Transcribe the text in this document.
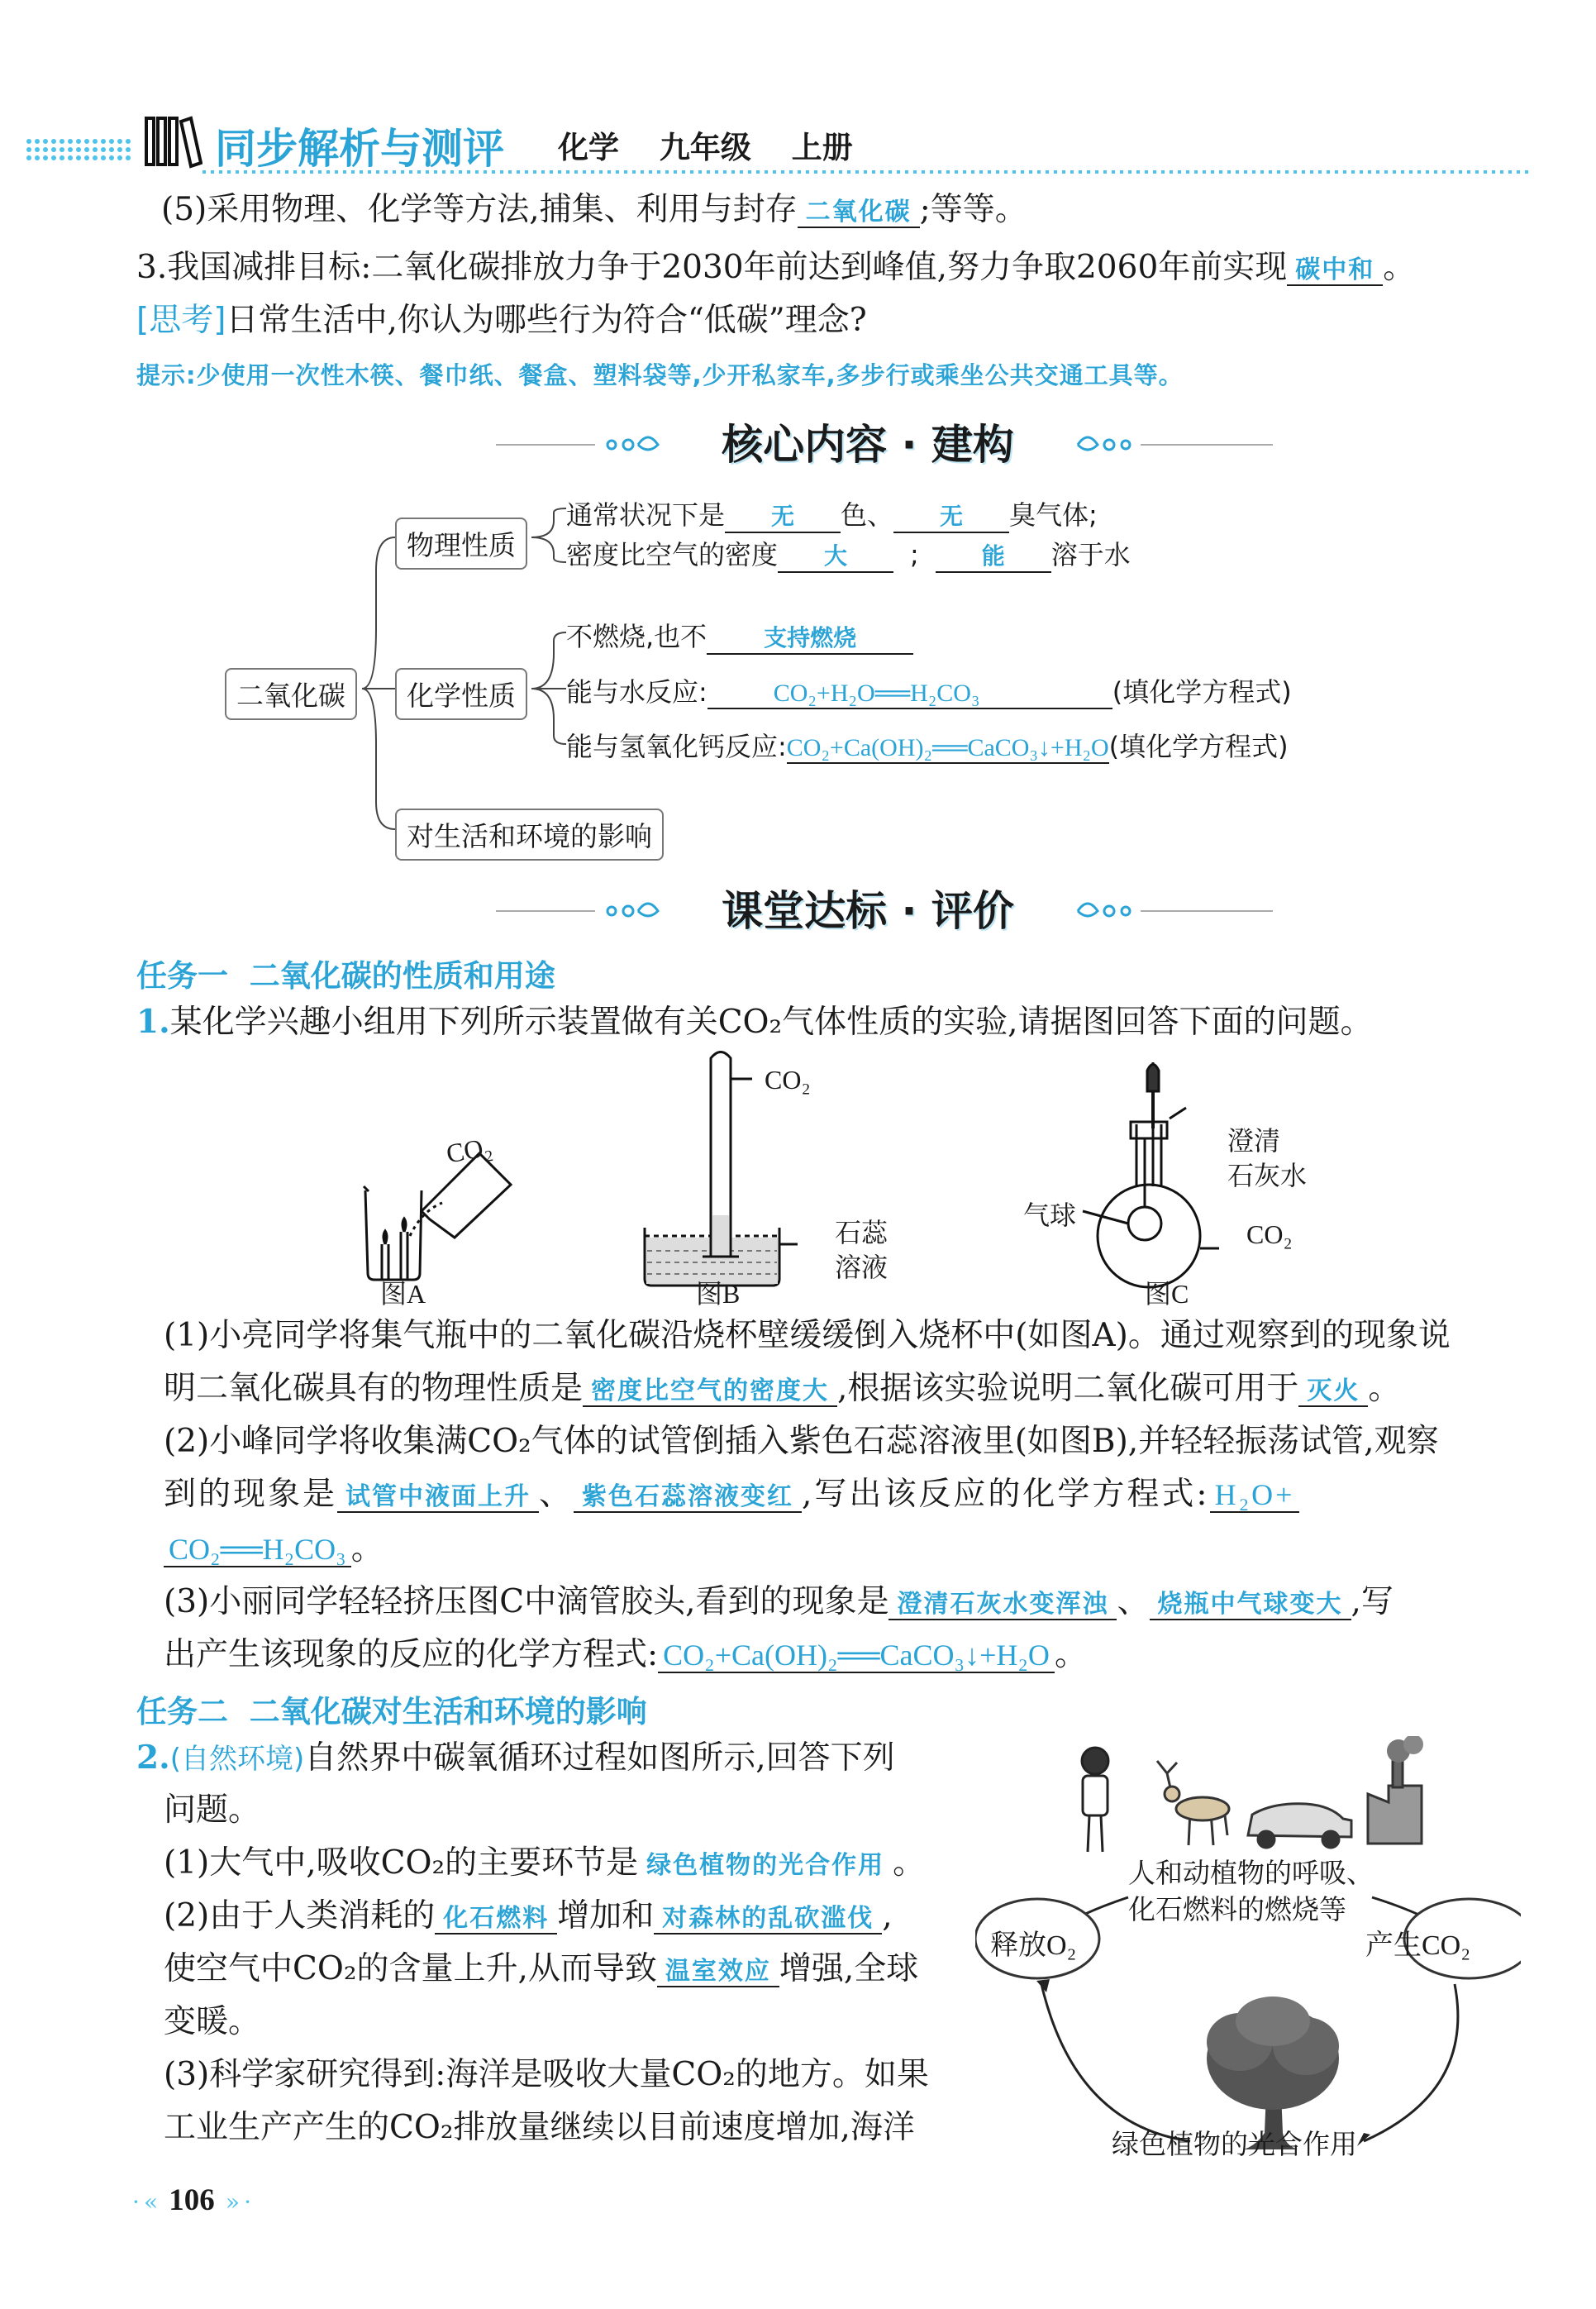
同步解析与测评 化学 九年级 上册
(5)采用物理、化学等方法,捕集、利用与封存 二氧化碳 ;等等。
3.我国减排目标:二氧化碳排放力争于2030年前达到峰值,努力争取2060年前实现 碳中和 。
[思考]日常生活中,你认为哪些行为符合“低碳”理念?
提示:少使用一次性木筷、餐巾纸、餐盒、塑料袋等,少开私家车,多步行或乘坐公共交通工具等。
核心内容 · 建构
二氧化碳
物理性质
化学性质
对生活和环境的影响
通常状况下是 无 色、 无 臭气体;
密度比空气的密度 大 ;	能 溶于水
不燃烧,也不 支持燃烧
能与水反应:	CO₂+H₂O══H₂CO₃	(填化学方程式)
能与氢氧化钙反应:CO₂+Ca(OH)₂══CaCO₃↓+H₂O(填化学方程式)
课堂达标 · 评价
任务一  二氧化碳的性质和用途
1.某化学兴趣小组用下列所示装置做有关CO₂气体性质的实验,请据图回答下面的问题。
CO₂
图A
CO₂
石蕊
溶液
图B
澄清
石灰水
气球
CO₂
图C
(1)小亮同学将集气瓶中的二氧化碳沿烧杯壁缓缓倒入烧杯中(如图A)。通过观察到的现象说
明二氧化碳具有的物理性质是 密度比空气的密度大 ,根据该实验说明二氧化碳可用于 灭火 。
(2)小峰同学将收集满CO₂气体的试管倒插入紫色石蕊溶液里(如图B),并轻轻振荡试管,观察
到的现象是 试管中液面上升 、 紫色石蕊溶液变红 ,写出该反应的化学方程式: H₂O+
CO₂══H₂CO₃ 。
(3)小丽同学轻轻挤压图C中滴管胶头,看到的现象是 澄清石灰水变浑浊 、 烧瓶中气球变大 ,写
出产生该现象的反应的化学方程式: CO₂+Ca(OH)₂══CaCO₃↓+H₂O 。
任务二  二氧化碳对生活和环境的影响
2.(自然环境)自然界中碳氧循环过程如图所示,回答下列
问题。
(1)大气中,吸收CO₂的主要环节是 绿色植物的光合作用 。
(2)由于人类消耗的 化石燃料 增加和 对森林的乱砍滥伐 ,
使空气中CO₂的含量上升,从而导致 温室效应 增强,全球
变暖。
(3)科学家研究得到:海洋是吸收大量CO₂的地方。如果
工业生产产生的CO₂排放量继续以目前速度增加,海洋
人和动植物的呼吸、
化石燃料的燃烧等
释放O₂	产生CO₂
绿色植物的光合作用
· « 106 » ·
